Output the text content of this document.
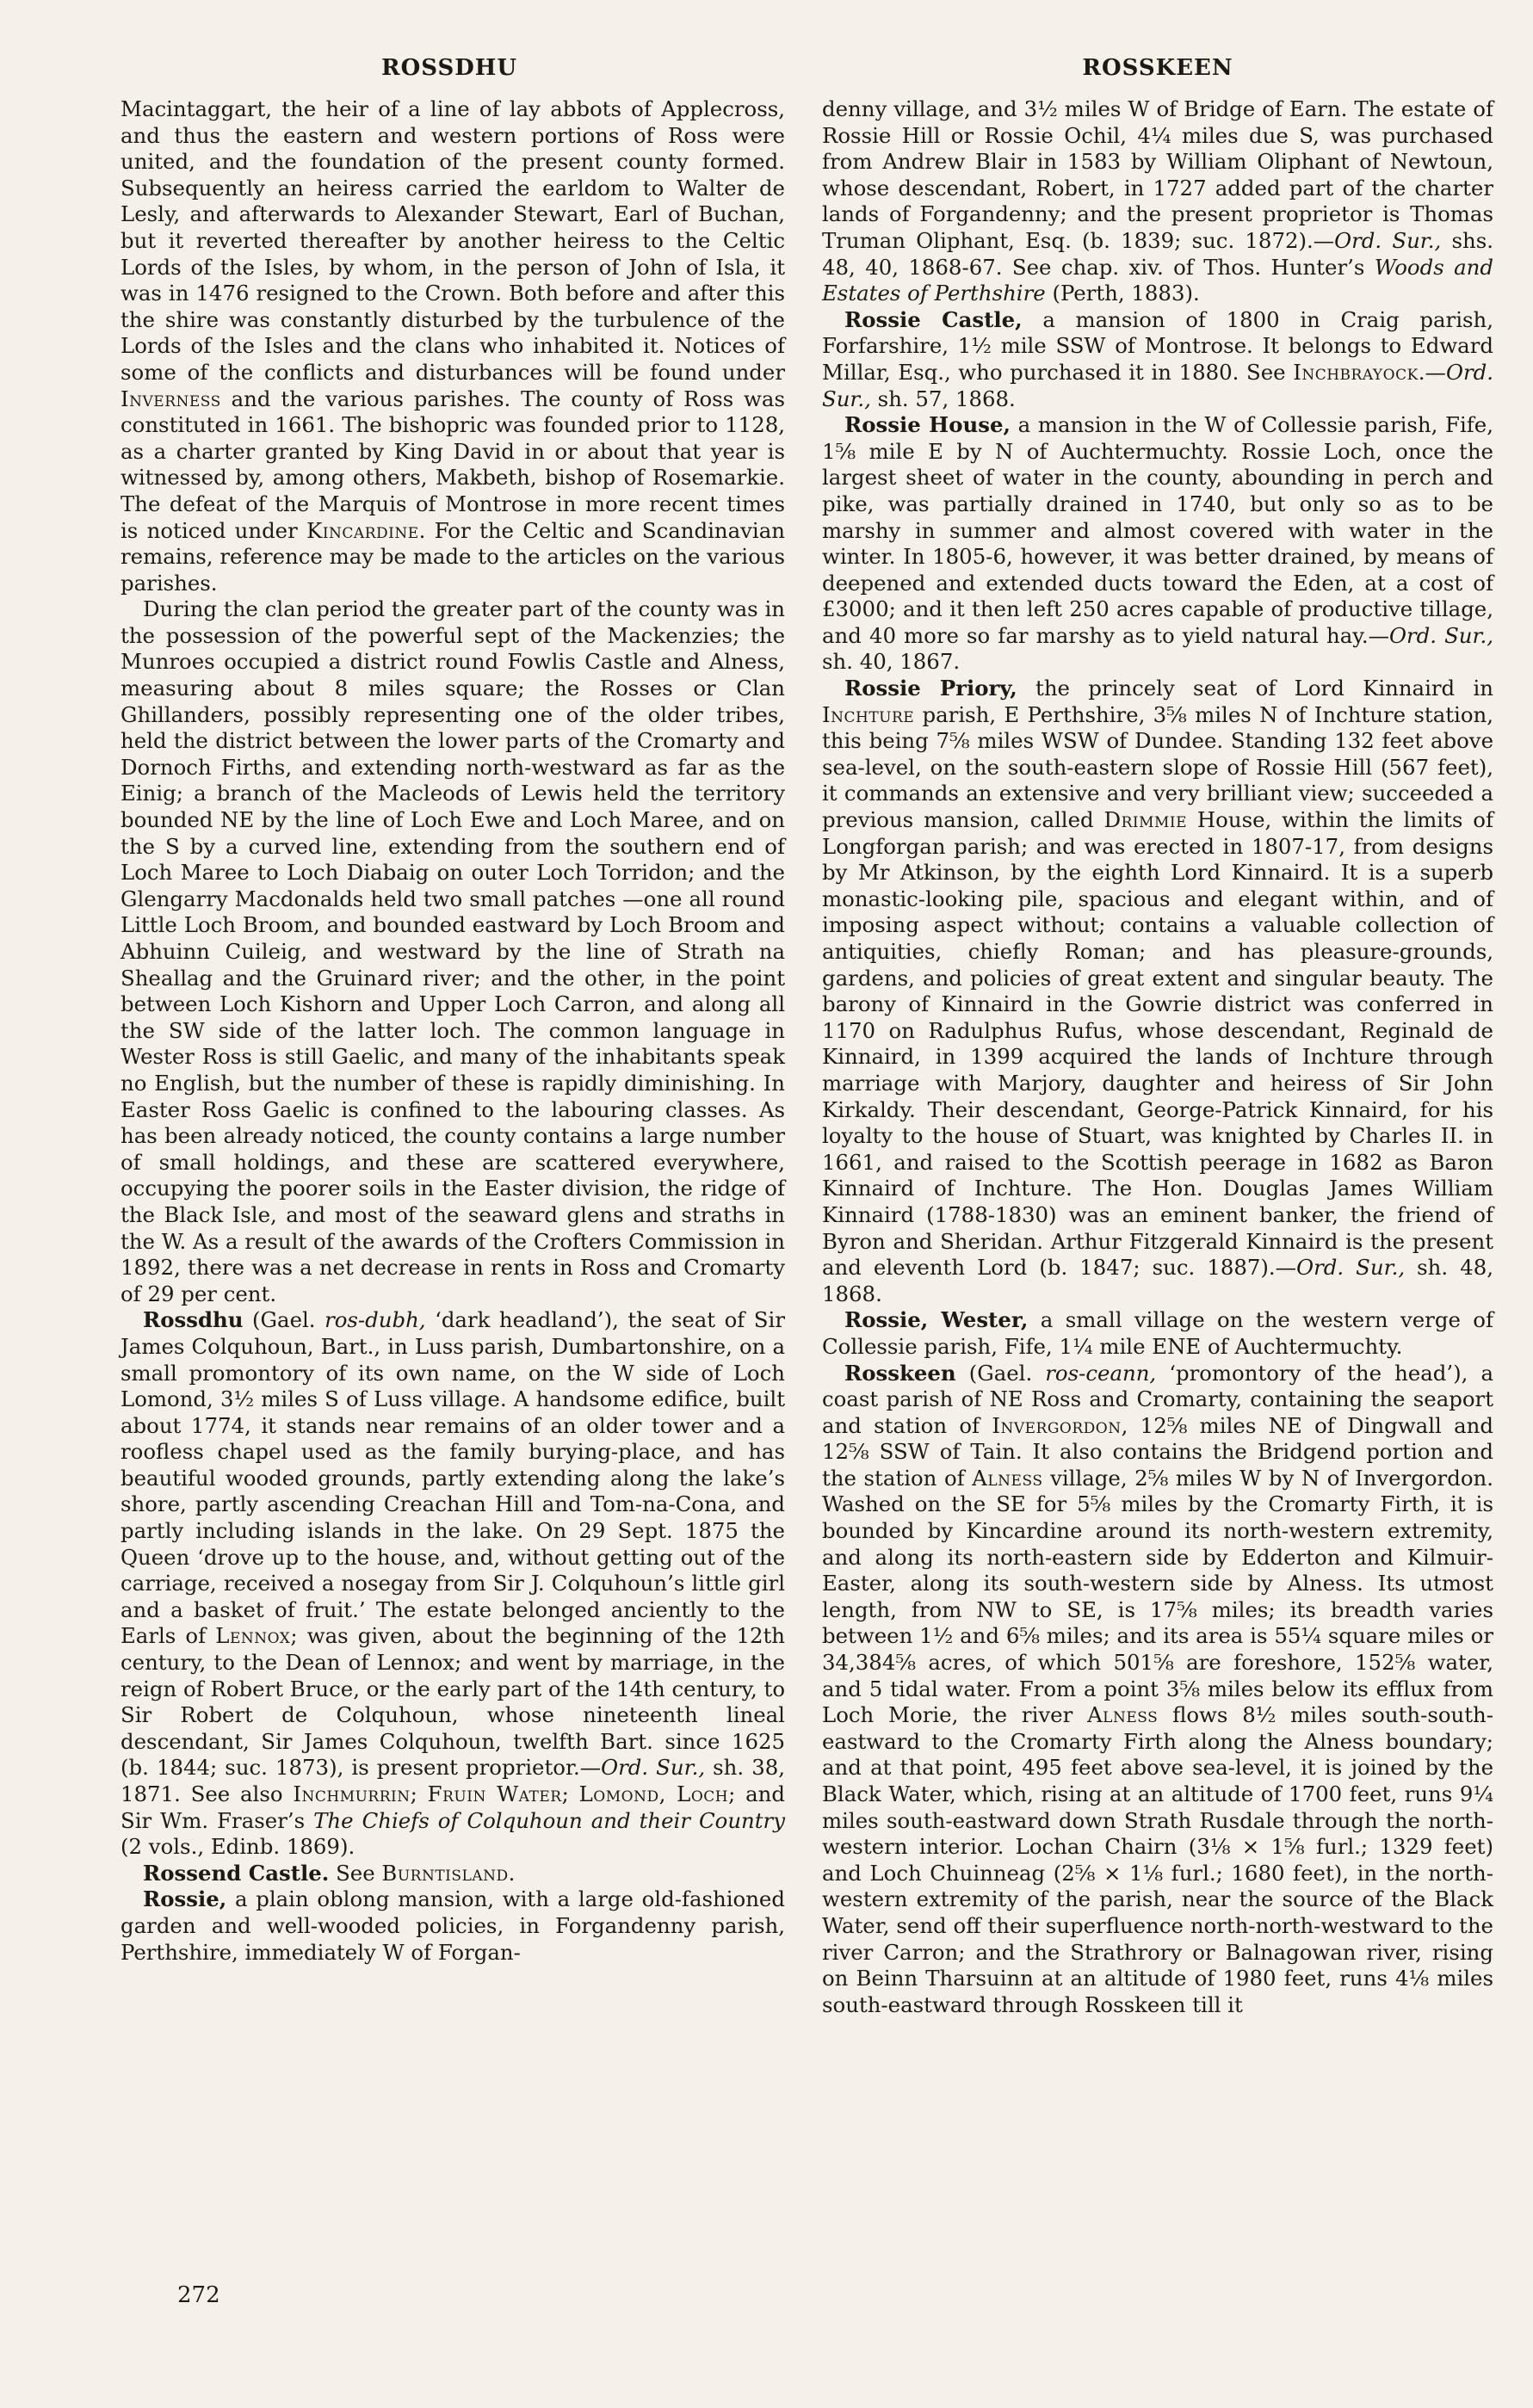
ROSSDHU	ROSSKEEN

Macintaggart, the heir of a line of lay abbots of Applecross, and thus the eastern and western portions of Ross were united, and the foundation of the present county formed. Subsequently an heiress carried the earldom to Walter de Lesly, and afterwards to Alexander Stewart, Earl of Buchan, but it reverted thereafter by another heiress to the Celtic Lords of the Isles, by whom, in the person of John of Isla, it was in 1476 resigned to the Crown. Both before and after this the shire was constantly disturbed by the turbulence of the Lords of the Isles and the clans who inhabited it. Notices of some of the conflicts and disturbances will be found under Inverness and the various parishes. The county of Ross was constituted in 1661. The bishopric was founded prior to 1128, as a charter granted by King David in or about that year is witnessed by, among others, Makbeth, bishop of Rosemarkie. The defeat of the Marquis of Montrose in more recent times is noticed under Kincardine. For the Celtic and Scandinavian remains, reference may be made to the articles on the various parishes.

During the clan period the greater part of the county was in the possession of the powerful sept of the Mackenzies; the Munroes occupied a district round Fowlis Castle and Alness, measuring about 8 miles square; the Rosses or Clan Ghillanders, possibly representing one of the older tribes, held the district between the lower parts of the Cromarty and Dornoch Firths, and extending north-westward as far as the Einig; a branch of the Macleods of Lewis held the territory bounded NE by the line of Loch Ewe and Loch Maree, and on the S by a curved line, extending from the southern end of Loch Maree to Loch Diabaig on outer Loch Torridon; and the Glengarry Macdonalds held two small patches —one all round Little Loch Broom, and bounded eastward by Loch Broom and Abhuinn Cuileig, and westward by the line of Strath na Sheallag and the Gruinard river; and the other, in the point between Loch Kishorn and Upper Loch Carron, and along all the SW side of the latter loch. The common language in Wester Ross is still Gaelic, and many of the inhabitants speak no English, but the number of these is rapidly diminishing. In Easter Ross Gaelic is confined to the labouring classes. As has been already noticed, the county contains a large number of small holdings, and these are scattered everywhere, occupying the poorer soils in the Easter division, the ridge of the Black Isle, and most of the seaward glens and straths in the W. As a result of the awards of the Crofters Commission in 1892, there was a net decrease in rents in Ross and Cromarty of 29 per cent.

Rossdhu (Gael. ros-dubh, ‘dark headland’), the seat of Sir James Colquhoun, Bart., in Luss parish, Dumbartonshire, on a small promontory of its own name, on the W side of Loch Lomond, 3½ miles S of Luss village. A handsome edifice, built about 1774, it stands near remains of an older tower and a roofless chapel used as the family burying-place, and has beautiful wooded grounds, partly extending along the lake’s shore, partly ascending Creachan Hill and Tom-na-Cona, and partly including islands in the lake. On 29 Sept. 1875 the Queen ‘drove up to the house, and, without getting out of the carriage, received a nosegay from Sir J. Colquhoun’s little girl and a basket of fruit.’ The estate belonged anciently to the Earls of Lennox; was given, about the beginning of the 12th century, to the Dean of Lennox; and went by marriage, in the reign of Robert Bruce, or the early part of the 14th century, to Sir Robert de Colquhoun, whose nineteenth lineal descendant, Sir James Colquhoun, twelfth Bart. since 1625 (b. 1844; suc. 1873), is present proprietor.—Ord. Sur., sh. 38, 1871. See also Inchmurrin; Fruin Water; Lomond, Loch; and Sir Wm. Fraser’s The Chiefs of Colquhoun and their Country (2 vols., Edinb. 1869).

Rossend Castle. See Burntisland.

Rossie, a plain oblong mansion, with a large old-fashioned garden and well-wooded policies, in Forgandenny parish, Perthshire, immediately W of Forgan-

denny village, and 3½ miles W of Bridge of Earn. The estate of Rossie Hill or Rossie Ochil, 4¼ miles due S, was purchased from Andrew Blair in 1583 by William Oliphant of Newtoun, whose descendant, Robert, in 1727 added part of the charter lands of Forgandenny; and the present proprietor is Thomas Truman Oliphant, Esq. (b. 1839; suc. 1872).—Ord. Sur., shs. 48, 40, 1868-67. See chap. xiv. of Thos. Hunter’s Woods and Estates of Perthshire (Perth, 1883).

Rossie Castle, a mansion of 1800 in Craig parish, Forfarshire, 1½ mile SSW of Montrose. It belongs to Edward Millar, Esq., who purchased it in 1880. See Inchbrayock.—Ord. Sur., sh. 57, 1868.

Rossie House, a mansion in the W of Collessie parish, Fife, 1⅝ mile E by N of Auchtermuchty. Rossie Loch, once the largest sheet of water in the county, abounding in perch and pike, was partially drained in 1740, but only so as to be marshy in summer and almost covered with water in the winter. In 1805-6, however, it was better drained, by means of deepened and extended ducts toward the Eden, at a cost of £3000; and it then left 250 acres capable of productive tillage, and 40 more so far marshy as to yield natural hay.—Ord. Sur., sh. 40, 1867.

Rossie Priory, the princely seat of Lord Kinnaird in Inchture parish, E Perthshire, 3⅝ miles N of Inchture station, this being 7⅝ miles WSW of Dundee. Standing 132 feet above sea-level, on the south-eastern slope of Rossie Hill (567 feet), it commands an extensive and very brilliant view; succeeded a previous mansion, called Drimmie House, within the limits of Longforgan parish; and was erected in 1807-17, from designs by Mr Atkinson, by the eighth Lord Kinnaird. It is a superb monastic-looking pile, spacious and elegant within, and of imposing aspect without; contains a valuable collection of antiquities, chiefly Roman; and has pleasure-grounds, gardens, and policies of great extent and singular beauty. The barony of Kinnaird in the Gowrie district was conferred in 1170 on Radulphus Rufus, whose descendant, Reginald de Kinnaird, in 1399 acquired the lands of Inchture through marriage with Marjory, daughter and heiress of Sir John Kirkaldy. Their descendant, George-Patrick Kinnaird, for his loyalty to the house of Stuart, was knighted by Charles II. in 1661, and raised to the Scottish peerage in 1682 as Baron Kinnaird of Inchture. The Hon. Douglas James William Kinnaird (1788-1830) was an eminent banker, the friend of Byron and Sheridan. Arthur Fitzgerald Kinnaird is the present and eleventh Lord (b. 1847; suc. 1887).—Ord. Sur., sh. 48, 1868.

Rossie, Wester, a small village on the western verge of Collessie parish, Fife, 1¼ mile ENE of Auchtermuchty.

Rosskeen (Gael. ros-ceann, ‘promontory of the head’), a coast parish of NE Ross and Cromarty, containing the seaport and station of Invergordon, 12⅝ miles NE of Dingwall and 12⅝ SSW of Tain. It also contains the Bridgend portion and the station of Alness village, 2⅝ miles W by N of Invergordon. Washed on the SE for 5⅝ miles by the Cromarty Firth, it is bounded by Kincardine around its north-western extremity, and along its north-eastern side by Edderton and Kilmuir-Easter, along its south-western side by Alness. Its utmost length, from NW to SE, is 17⅝ miles; its breadth varies between 1½ and 6⅝ miles; and its area is 55¼ square miles or 34,384⅝ acres, of which 501⅝ are foreshore, 152⅝ water, and 5 tidal water. From a point 3⅝ miles below its efflux from Loch Morie, the river Alness flows 8½ miles south-south-eastward to the Cromarty Firth along the Alness boundary; and at that point, 495 feet above sea-level, it is joined by the Black Water, which, rising at an altitude of 1700 feet, runs 9¼ miles south-eastward down Strath Rusdale through the north-western interior. Lochan Chairn (3⅛ × 1⅝ furl.; 1329 feet) and Loch Chuinneag (2⅝ × 1⅛ furl.; 1680 feet), in the north-western extremity of the parish, near the source of the Black Water, send off their superfluence north-north-westward to the river Carron; and the Strathrory or Balnagowan river, rising on Beinn Tharsuinn at an altitude of 1980 feet, runs 4⅛ miles south-eastward through Rosskeen till it

272
